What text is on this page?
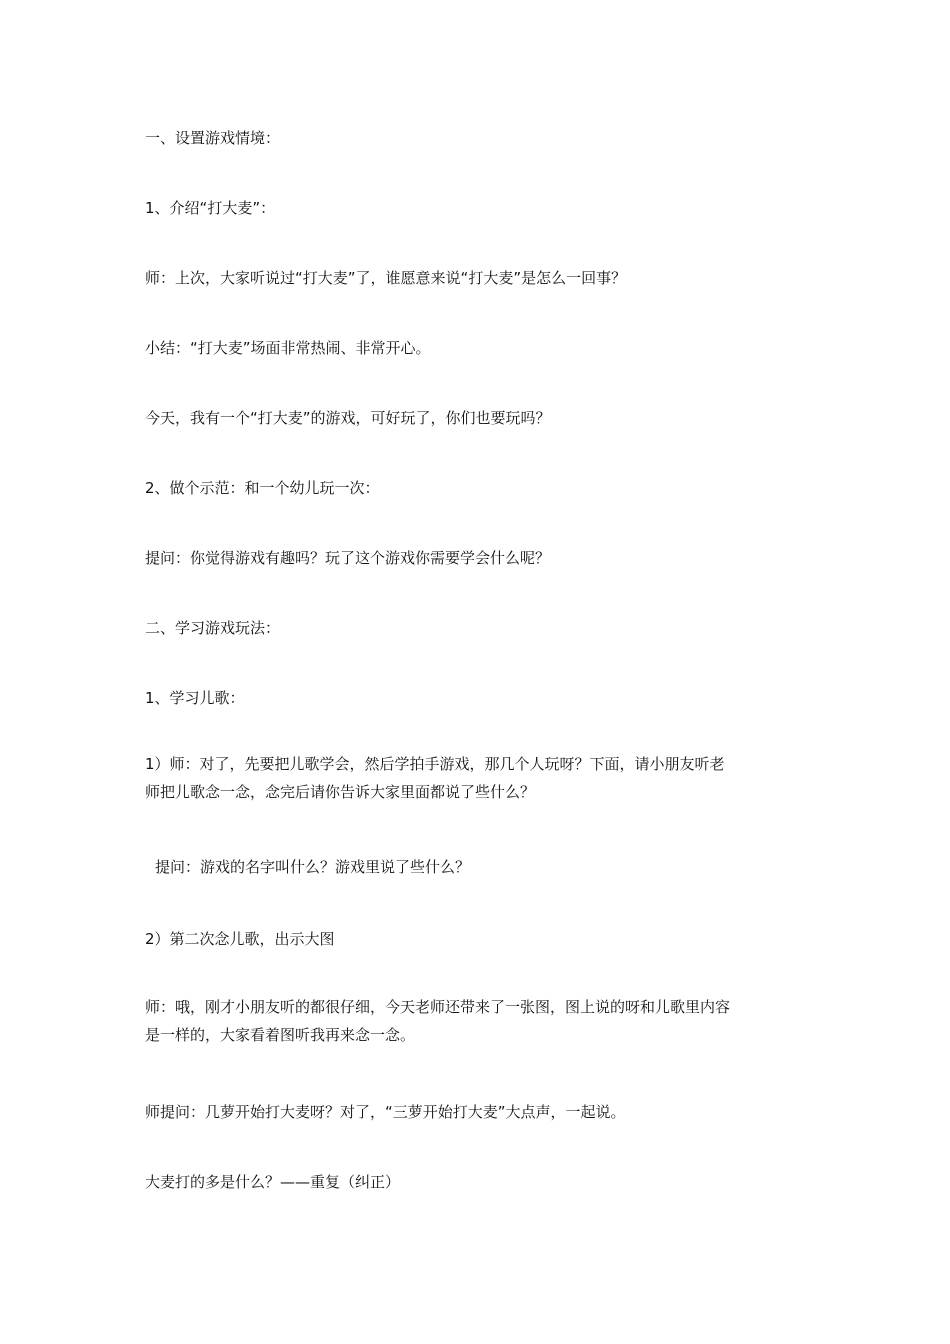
一、设置游戏情境：

1、介绍“打大麦”：

师：上次，大家听说过“打大麦”了，谁愿意来说“打大麦”是怎么一回事？

小结：“打大麦”场面非常热闹、非常开心。

今天，我有一个“打大麦”的游戏，可好玩了，你们也要玩吗？

2、做个示范：和一个幼儿玩一次：

提问：你觉得游戏有趣吗？玩了这个游戏你需要学会什么呢？

二、学习游戏玩法：

1、学习儿歌：

1）师：对了，先要把儿歌学会，然后学拍手游戏，那几个人玩呀？下面，请小朋友听老
师把儿歌念一念，念完后请你告诉大家里面都说了些什么？

提问：游戏的名字叫什么？游戏里说了些什么？

2）第二次念儿歌，出示大图

师：哦，刚才小朋友听的都很仔细，今天老师还带来了一张图，图上说的呀和儿歌里内容
是一样的，大家看着图听我再来念一念。

师提问：几萝开始打大麦呀？对了，“三萝开始打大麦”大点声，一起说。

大麦打的多是什么？——重复（纠正）
